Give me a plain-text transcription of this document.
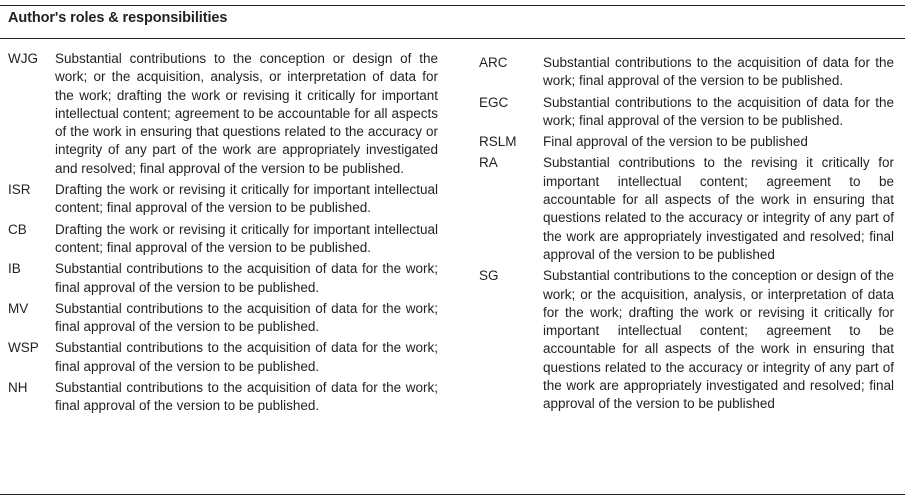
Author's roles & responsibilities
WJG	Substantial contributions to the conception or design of the work; or the acquisition, analysis, or interpretation of data for the work; drafting the work or revising it critically for important intellectual content; agreement to be accountable for all aspects of the work in ensuring that questions related to the accuracy or integrity of any part of the work are appropriately investigated and resolved; final approval of the version to be published.

ISR	Drafting the work or revising it critically for important intellectual content; final approval of the version to be published.

CB	Drafting the work or revising it critically for important intellectual content; final approval of the version to be published.

IB	Substantial contributions to the acquisition of data for the work; final approval of the version to be published.

MV	Substantial contributions to the acquisition of data for the work; final approval of the version to be published.

WSP	Substantial contributions to the acquisition of data for the work; final approval of the version to be published.

NH	Substantial contributions to the acquisition of data for the work; final approval of the version to be published.

ARC	Substantial contributions to the acquisition of data for the work; final approval of the version to be published.

EGC	Substantial contributions to the acquisition of data for the work; final approval of the version to be published.

RSLM	Final approval of the version to be published

RA	Substantial contributions to the revising it critically for important intellectual content; agreement to be accountable for all aspects of the work in ensuring that questions related to the accuracy or integrity of any part of the work are appropriately investigated and resolved; final approval of the version to be published

SG	Substantial contributions to the conception or design of the work; or the acquisition, analysis, or interpretation of data for the work; drafting the work or revising it critically for important intellectual content; agreement to be accountable for all aspects of the work in ensuring that questions related to the accuracy or integrity of any part of the work are appropriately investigated and resolved; final approval of the version to be published
